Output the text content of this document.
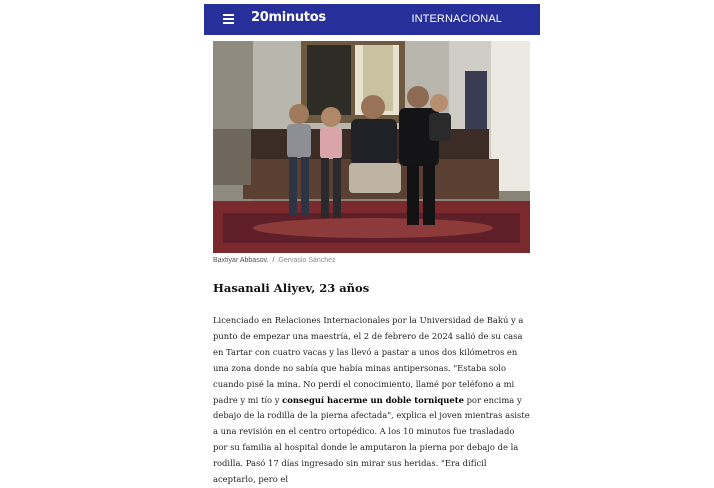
20minutos	INTERNACIONAL
Baxtiyar Abbasov. / Gervasio Sánchez
Hasanali Aliyev, 23 años

Licenciado en Relaciones Internacionales por la Universidad de Bakú y a punto de empezar una maestría, el 2 de febrero de 2024 salió de su casa en Tartar con cuatro vacas y las llevó a pastar a unos dos kilómetros en una zona donde no sabía que había minas antipersonas. "Estaba solo cuando pisé la mina. No perdí el conocimiento, llamé por teléfono a mi padre y mi tío y conseguí hacerme un doble torniquete por encima y debajo de la rodilla de la pierna afectada", explica el joven mientras asiste a una revisión en el centro ortopédico. A los 10 minutos fue trasladado por su familia al hospital donde le amputaron la pierna por debajo de la rodilla. Pasó 17 días ingresado sin mirar sus heridas. "Era difícil aceptarlo, pero el
